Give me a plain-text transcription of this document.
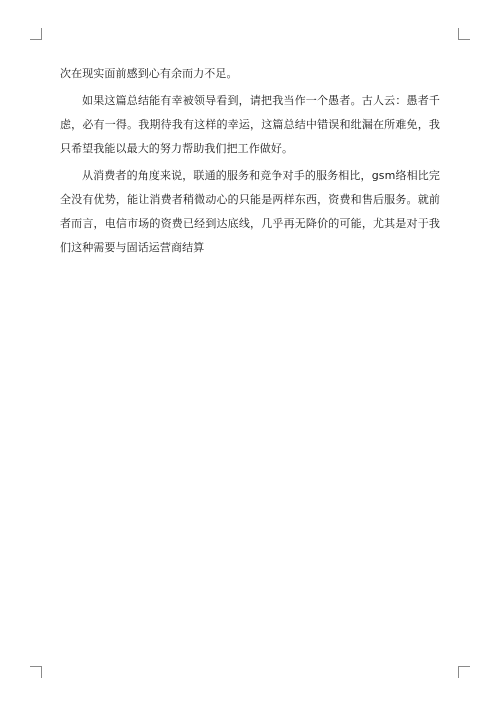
次在现实面前感到心有余而力不足。

如果这篇总结能有幸被领导看到，请把我当作一个愚者。古人云：愚者千虑，必有一得。我期待我有这样的幸运，这篇总结中错误和纰漏在所难免，我只希望我能以最大的努力帮助我们把工作做好。

从消费者的角度来说，联通的服务和竞争对手的服务相比，gsm络相比完全没有优势，能让消费者稍微动心的只能是两样东西，资费和售后服务。就前者而言，电信市场的资费已经到达底线，几乎再无降价的可能，尤其是对于我们这种需要与固话运营商结算
